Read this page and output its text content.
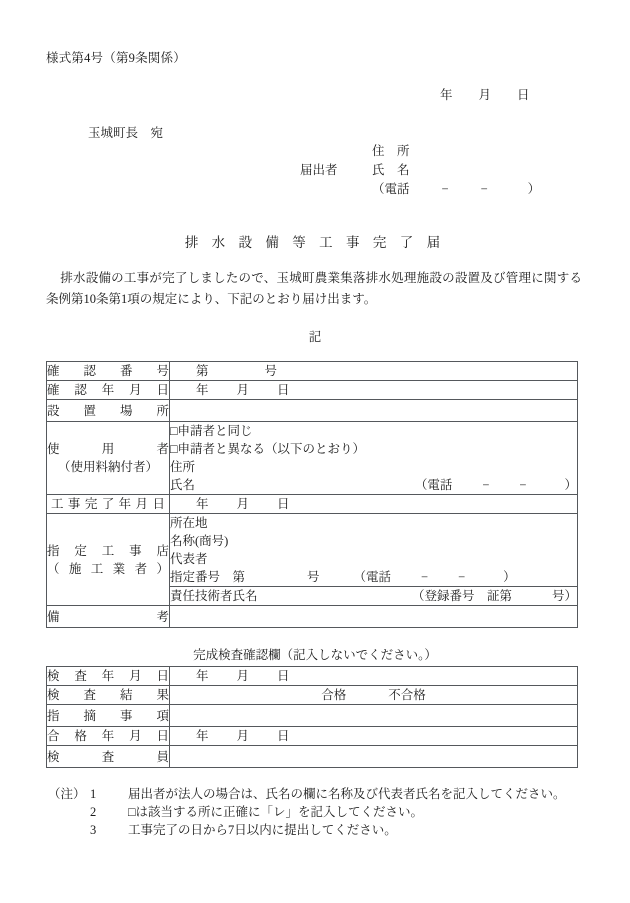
様式第4号（第9条関係）
年 月 日
玉城町長　宛
住　所
届出者	氏　名
（電話	−	−	）
排 水 設 備 等 工 事 完 了 届
排水設備の工事が完了しましたので、玉城町農業集落排水処理施設の設置及び管理に関する条例第10条第1項の規定により、下記のとおり届け出ます。
記
確 認 番 号	第 号

確 認 年 月 日	年 月 日

設 置 場 所	

使	用	者
（使用料納付者）

□申請者と同じ
□申請者と異なる（以下のとおり）
住所
氏名	（電話 − −	）

工 事 完 了 年 月 日	年 月 日

指 定 工 事 店
（ 施 工 業 者 ）

所在地
名称(商号)
代表者
指定番号　第	号	（電話 − −	）

	責任技術者氏名 （登録番号　証第 号）

備 考	

完成検査確認欄（記入しないでください。）
検 査 年 月 日	年 月 日

検 査 結 果	合格 不合格

指 摘 事 項	

合 格 年 月 日	年 月 日

検 査 員	

（注） 1	届出者が法人の場合は、氏名の欄に名称及び代表者氏名を記入してください。
2	□は該当する所に正確に「レ」を記入してください。
3	工事完了の日から7日以内に提出してください。
